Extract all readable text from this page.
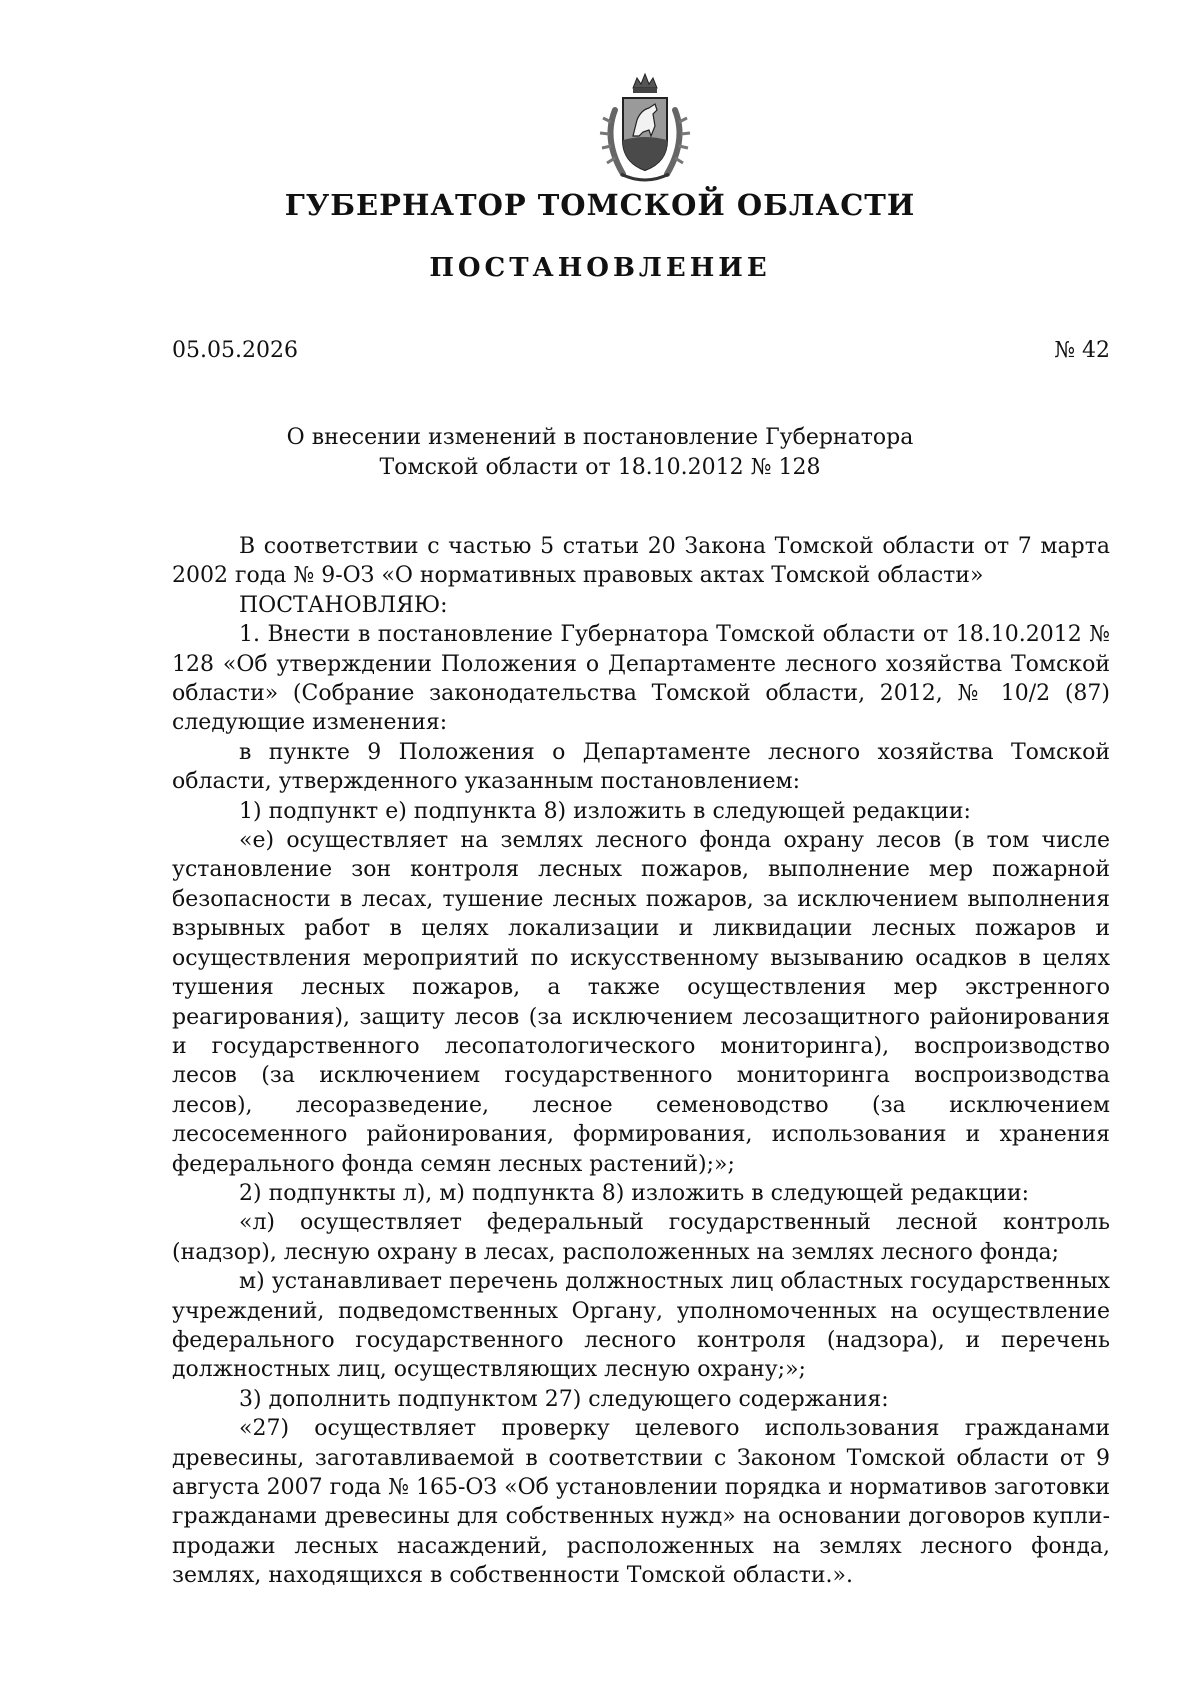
ГУБЕРНАТОР ТОМСКОЙ ОБЛАСТИ
ПОСТАНОВЛЕНИЕ
05.05.2026	№ 42
О внесении изменений в постановление Губернатора
Томской области от 18.10.2012 № 128

В соответствии с частью 5 статьи 20 Закона Томской области от 7 марта 2002 года № 9-ОЗ «О нормативных правовых актах Томской области»

ПОСТАНОВЛЯЮ:

1. Внести в постановление Губернатора Томской области от 18.10.2012 № 128 «Об утверждении Положения о Департаменте лесного хозяйства Томской области» (Собрание законодательства Томской области, 2012, № 10/2 (87) следующие изменения:

в пункте 9 Положения о Департаменте лесного хозяйства Томской области, утвержденного указанным постановлением:

1) подпункт е) подпункта 8) изложить в следующей редакции:

«е) осуществляет на землях лесного фонда охрану лесов (в том числе установление зон контроля лесных пожаров, выполнение мер пожарной безопасности в лесах, тушение лесных пожаров, за исключением выполнения взрывных работ в целях локализации и ликвидации лесных пожаров и осуществления мероприятий по искусственному вызыванию осадков в целях тушения лесных пожаров, а также осуществления мер экстренного реагирования), защиту лесов (за исключением лесозащитного районирования и государственного лесопатологического мониторинга), воспроизводство лесов (за исключением государственного мониторинга воспроизводства лесов), лесоразведение, лесное семеноводство (за исключением лесосеменного районирования, формирования, использования и хранения федерального фонда семян лесных растений);»;

2) подпункты л), м) подпункта 8) изложить в следующей редакции:

«л) осуществляет федеральный государственный лесной контроль (надзор), лесную охрану в лесах, расположенных на землях лесного фонда;

м) устанавливает перечень должностных лиц областных государственных учреждений, подведомственных Органу, уполномоченных на осуществление федерального государственного лесного контроля (надзора), и перечень должностных лиц, осуществляющих лесную охрану;»;

3) дополнить подпунктом 27) следующего содержания:

«27) осуществляет проверку целевого использования гражданами древесины, заготавливаемой в соответствии с Законом Томской области от 9 августа 2007 года № 165-ОЗ «Об установлении порядка и нормативов заготовки гражданами древесины для собственных нужд» на основании договоров купли-продажи лесных насаждений, расположенных на землях лесного фонда, землях, находящихся в собственности Томской области.».
